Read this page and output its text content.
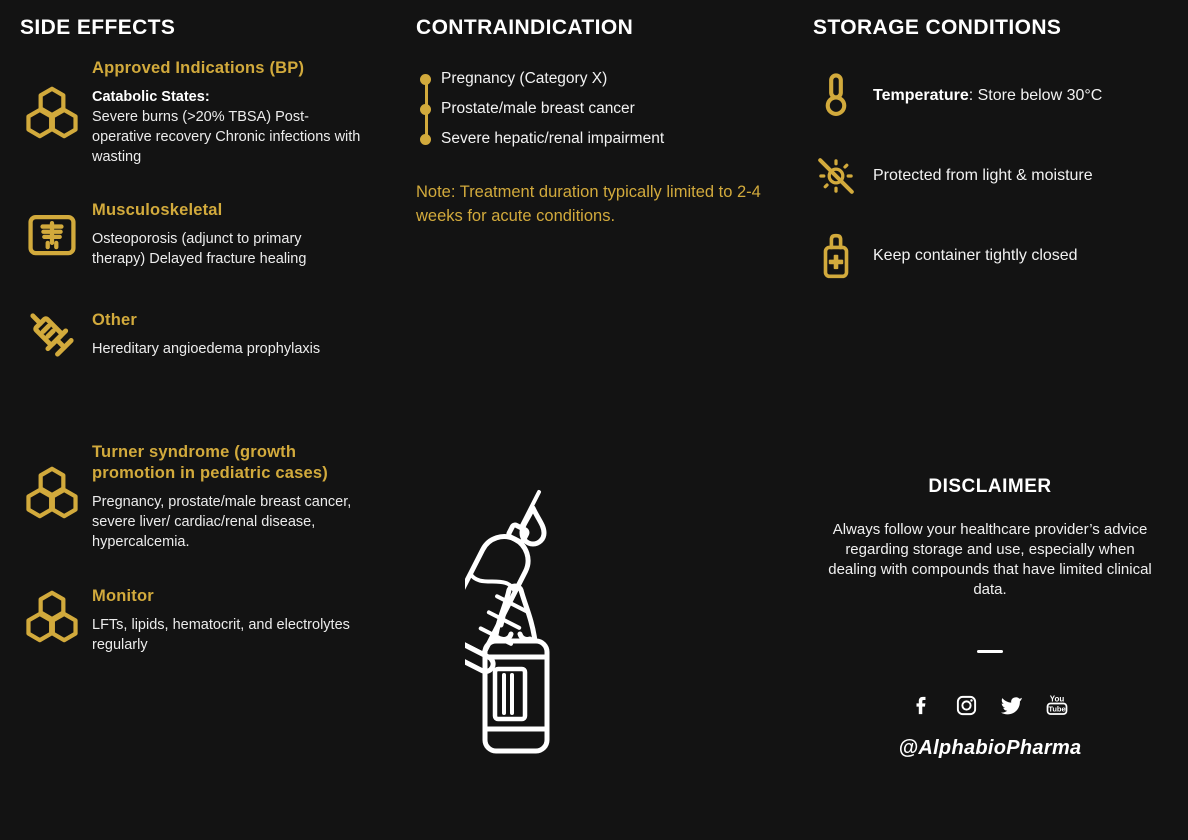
SIDE EFFECTS
Approved Indications (BP)

Catabolic States:

Severe burns (>20% TBSA) Post-operative recovery Chronic infections with wasting

Musculoskeletal

Osteoporosis (adjunct to primary therapy) Delayed fracture healing

Other

Hereditary angioedema prophylaxis

Turner syndrome (growth promotion in pediatric cases)

Pregnancy, prostate/male breast cancer, severe liver/ cardiac/renal disease, hypercalcemia.

Monitor

LFTs, lipids, hematocrit, and electrolytes regularly

CONTRAINDICATION
Pregnancy (Category X)
Prostate/male breast cancer
Severe hepatic/renal impairment

Note: Treatment duration typically limited to 2-4 weeks for acute conditions.

STORAGE CONDITIONS
Temperature: Store below 30°C
Protected from light & moisture
Keep container tightly closed
DISCLAIMER

Always follow your healthcare provider’s advice regarding storage and use, especially when dealing with compounds that have limited clinical data.

You
Tube

@AlphabioPharma
